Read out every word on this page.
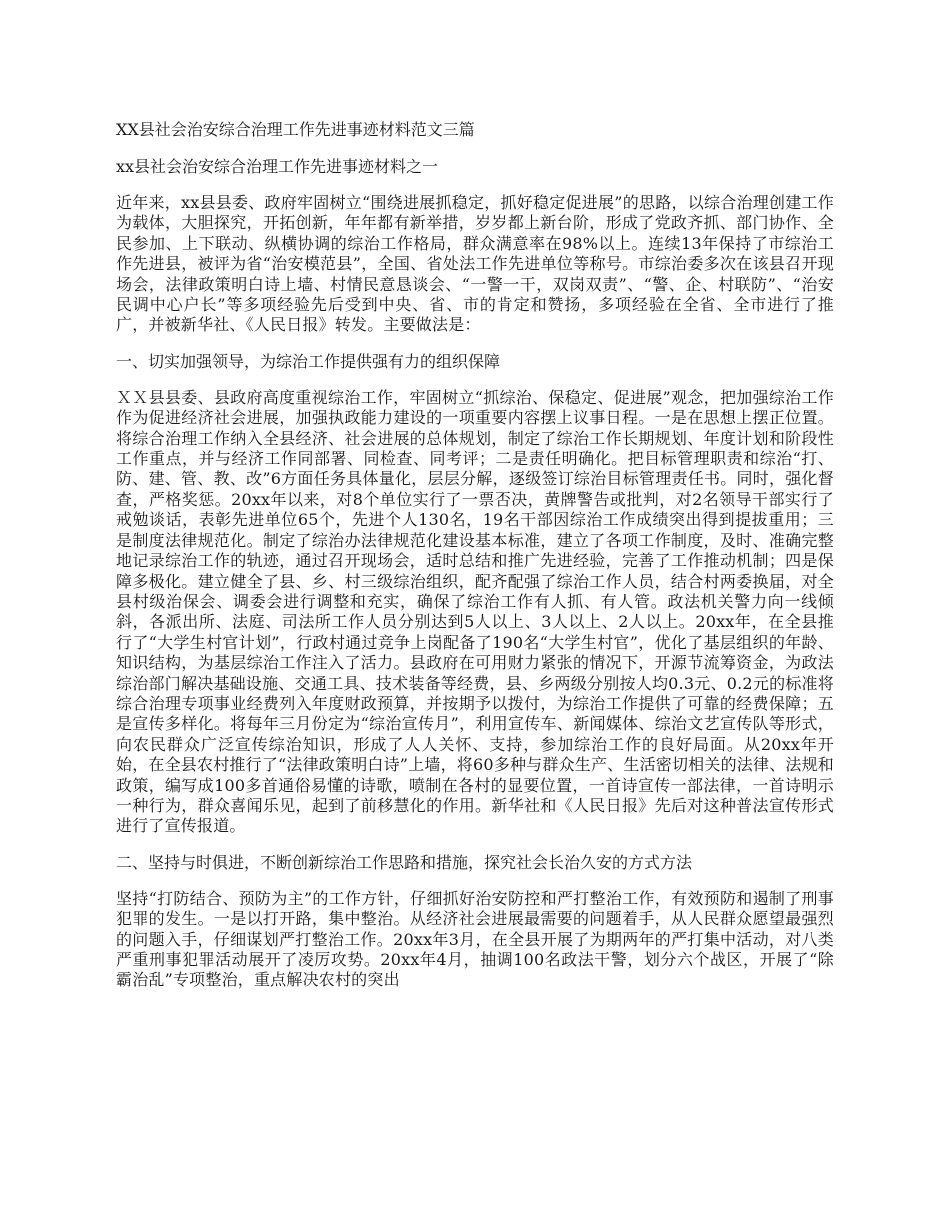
XX县社会治安综合治理工作先进事迹材料范文三篇
xx县社会治安综合治理工作先进事迹材料之一

近年来，xx县县委、政府牢固树立“围绕进展抓稳定，抓好稳定促进展”的思路，以综合治理创建工作为载体，大胆探究，开拓创新，年年都有新举措，岁岁都上新台阶，形成了党政齐抓、部门协作、全民参加、上下联动、纵横协调的综治工作格局，群众满意率在98%以上。连续13年保持了市综治工作先进县，被评为省“治安模范县”，全国、省处法工作先进单位等称号。市综治委多次在该县召开现场会，法律政策明白诗上墙、村情民意恳谈会、“一警一干，双岗双责”、“警、企、村联防”、“治安民调中心户长”等多项经验先后受到中央、省、市的肯定和赞扬，多项经验在全省、全市进行了推广，并被新华社、《人民日报》转发。主要做法是：

一、切实加强领导，为综治工作提供强有力的组织保障

ＸＸ县县委、县政府高度重视综治工作，牢固树立“抓综治、保稳定、促进展”观念，把加强综治工作作为促进经济社会进展，加强执政能力建设的一项重要内容摆上议事日程。一是在思想上摆正位置。将综合治理工作纳入全县经济、社会进展的总体规划，制定了综治工作长期规划、年度计划和阶段性工作重点，并与经济工作同部署、同检查、同考评；二是责任明确化。把目标管理职责和综治“打、防、建、管、教、改”6方面任务具体量化，层层分解，逐级签订综治目标管理责任书。同时，强化督查，严格奖惩。20xx年以来，对8个单位实行了一票否决，黄牌警告或批判，对2名领导干部实行了戒勉谈话，表彰先进单位65个，先进个人130名，19名干部因综治工作成绩突出得到提拔重用；三是制度法律规范化。制定了综治办法律规范化建设基本标准，建立了各项工作制度，及时、准确完整地记录综治工作的轨迹，通过召开现场会，适时总结和推广先进经验，完善了工作推动机制；四是保障多极化。建立健全了县、乡、村三级综治组织，配齐配强了综治工作人员，结合村两委换届，对全县村级治保会、调委会进行调整和充实，确保了综治工作有人抓、有人管。政法机关警力向一线倾斜，各派出所、法庭、司法所工作人员分别达到5人以上、3人以上、2人以上。20xx年，在全县推行了“大学生村官计划”，行政村通过竞争上岗配备了190名“大学生村官”，优化了基层组织的年龄、知识结构，为基层综治工作注入了活力。县政府在可用财力紧张的情况下，开源节流筹资金，为政法综治部门解决基础设施、交通工具、技术装备等经费，县、乡两级分别按人均0.3元、0.2元的标准将综合治理专项事业经费列入年度财政预算，并按期予以拨付，为综治工作提供了可靠的经费保障；五是宣传多样化。将每年三月份定为“综治宣传月”，利用宣传车、新闻媒体、综治文艺宣传队等形式，向农民群众广泛宣传综治知识，形成了人人关怀、支持，参加综治工作的良好局面。从20xx年开始，在全县农村推行了“法律政策明白诗”上墙，将60多种与群众生产、生活密切相关的法律、法规和政策，编写成100多首通俗易懂的诗歌，喷制在各村的显要位置，一首诗宣传一部法律，一首诗明示一种行为，群众喜闻乐见，起到了前移慧化的作用。新华社和《人民日报》先后对这种普法宣传形式进行了宣传报道。

二、坚持与时俱进，不断创新综治工作思路和措施，探究社会长治久安的方式方法

坚持“打防结合、预防为主”的工作方针，仔细抓好治安防控和严打整治工作，有效预防和遏制了刑事犯罪的发生。一是以打开路，集中整治。从经济社会进展最需要的问题着手，从人民群众愿望最强烈的问题入手，仔细谋划严打整治工作。20xx年3月，在全县开展了为期两年的严打集中活动，对八类严重刑事犯罪活动展开了凌厉攻势。20xx年4月，抽调100名政法干警，划分六个战区，开展了“除霸治乱”专项整治，重点解决农村的突出
